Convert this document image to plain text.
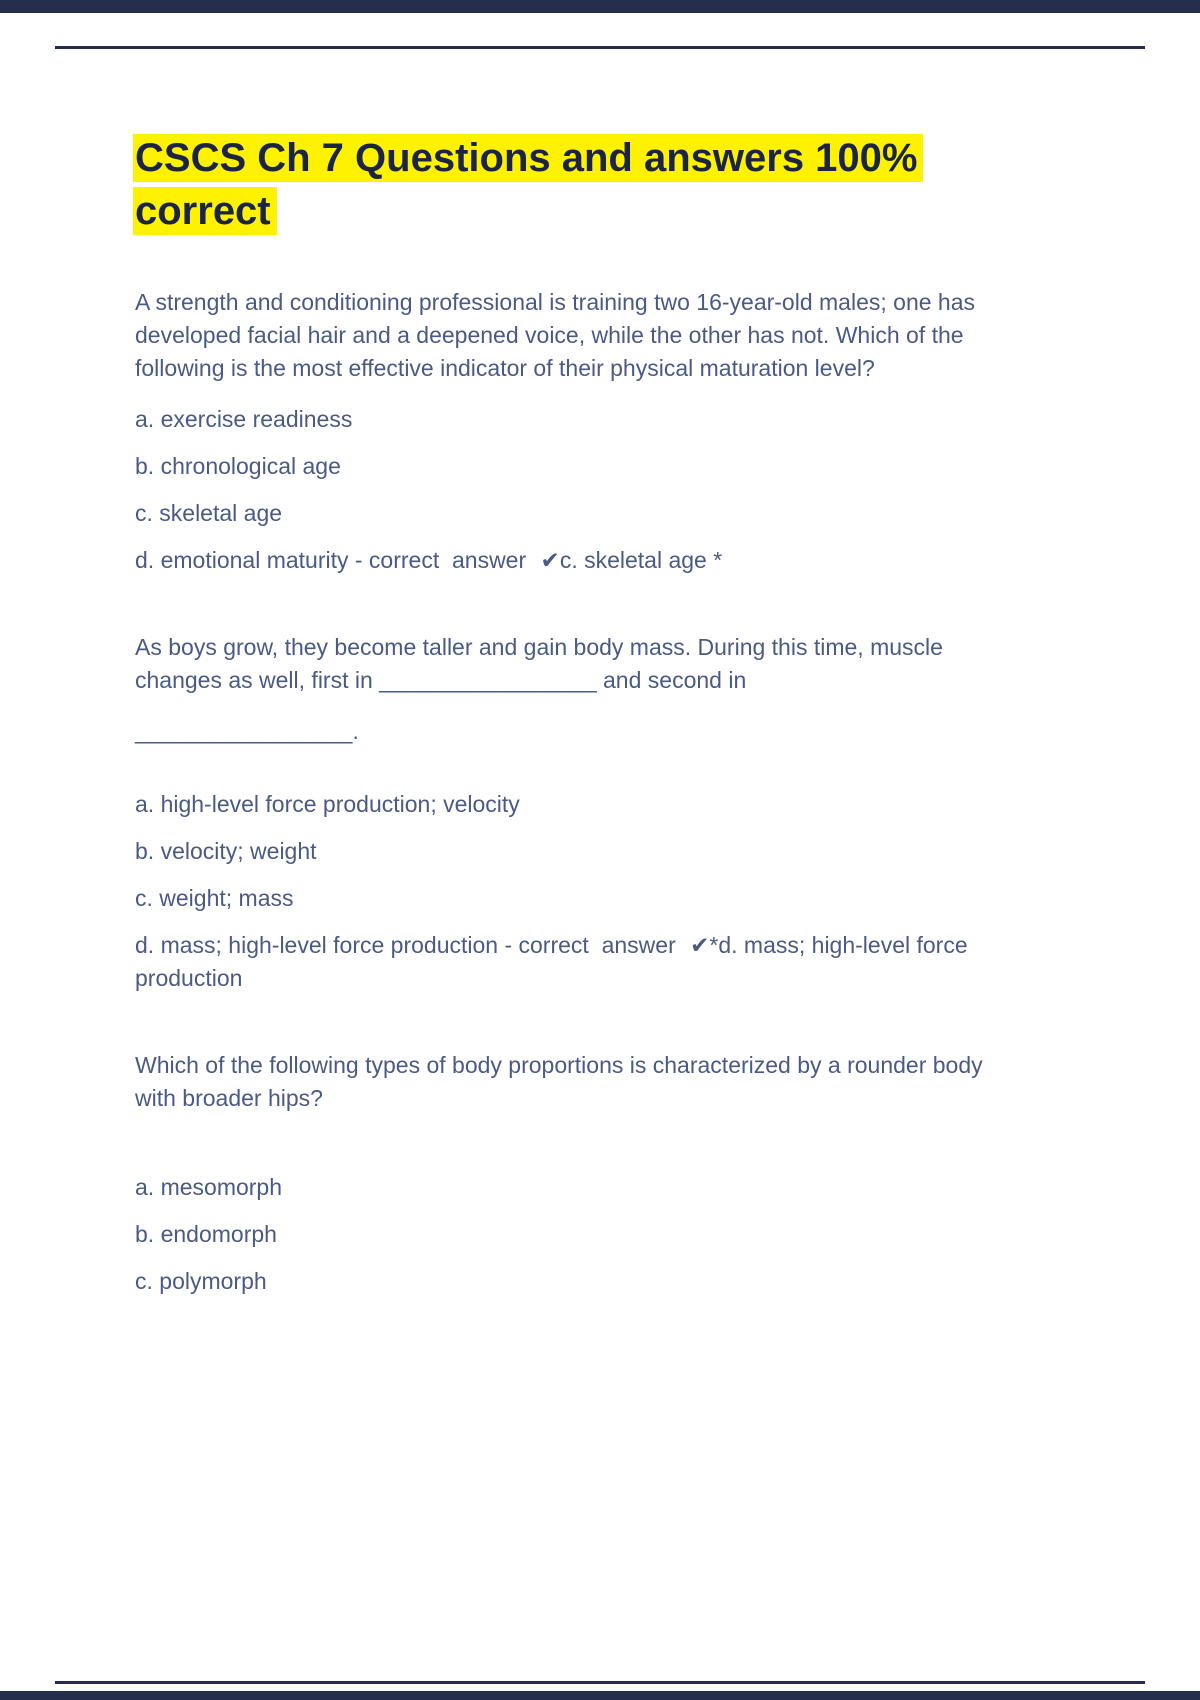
CSCS Ch 7 Questions and answers 100% correct

A strength and conditioning professional is training two 16-year-old males; one has developed facial hair and a deepened voice, while the other has not. Which of the following is the most effective indicator of their physical maturation level?

a. exercise readiness

b. chronological age

c. skeletal age

d. emotional maturity - correct  answer ✔c. skeletal age *

As boys grow, they become taller and gain body mass. During this time, muscle changes as well, first in _________________ and second in

_________________.

a. high-level force production; velocity

b. velocity; weight

c. weight; mass

d. mass; high-level force production - correct  answer ✔*d. mass; high-level force production

Which of the following types of body proportions is characterized by a rounder body with broader hips?

a. mesomorph

b. endomorph

c. polymorph
